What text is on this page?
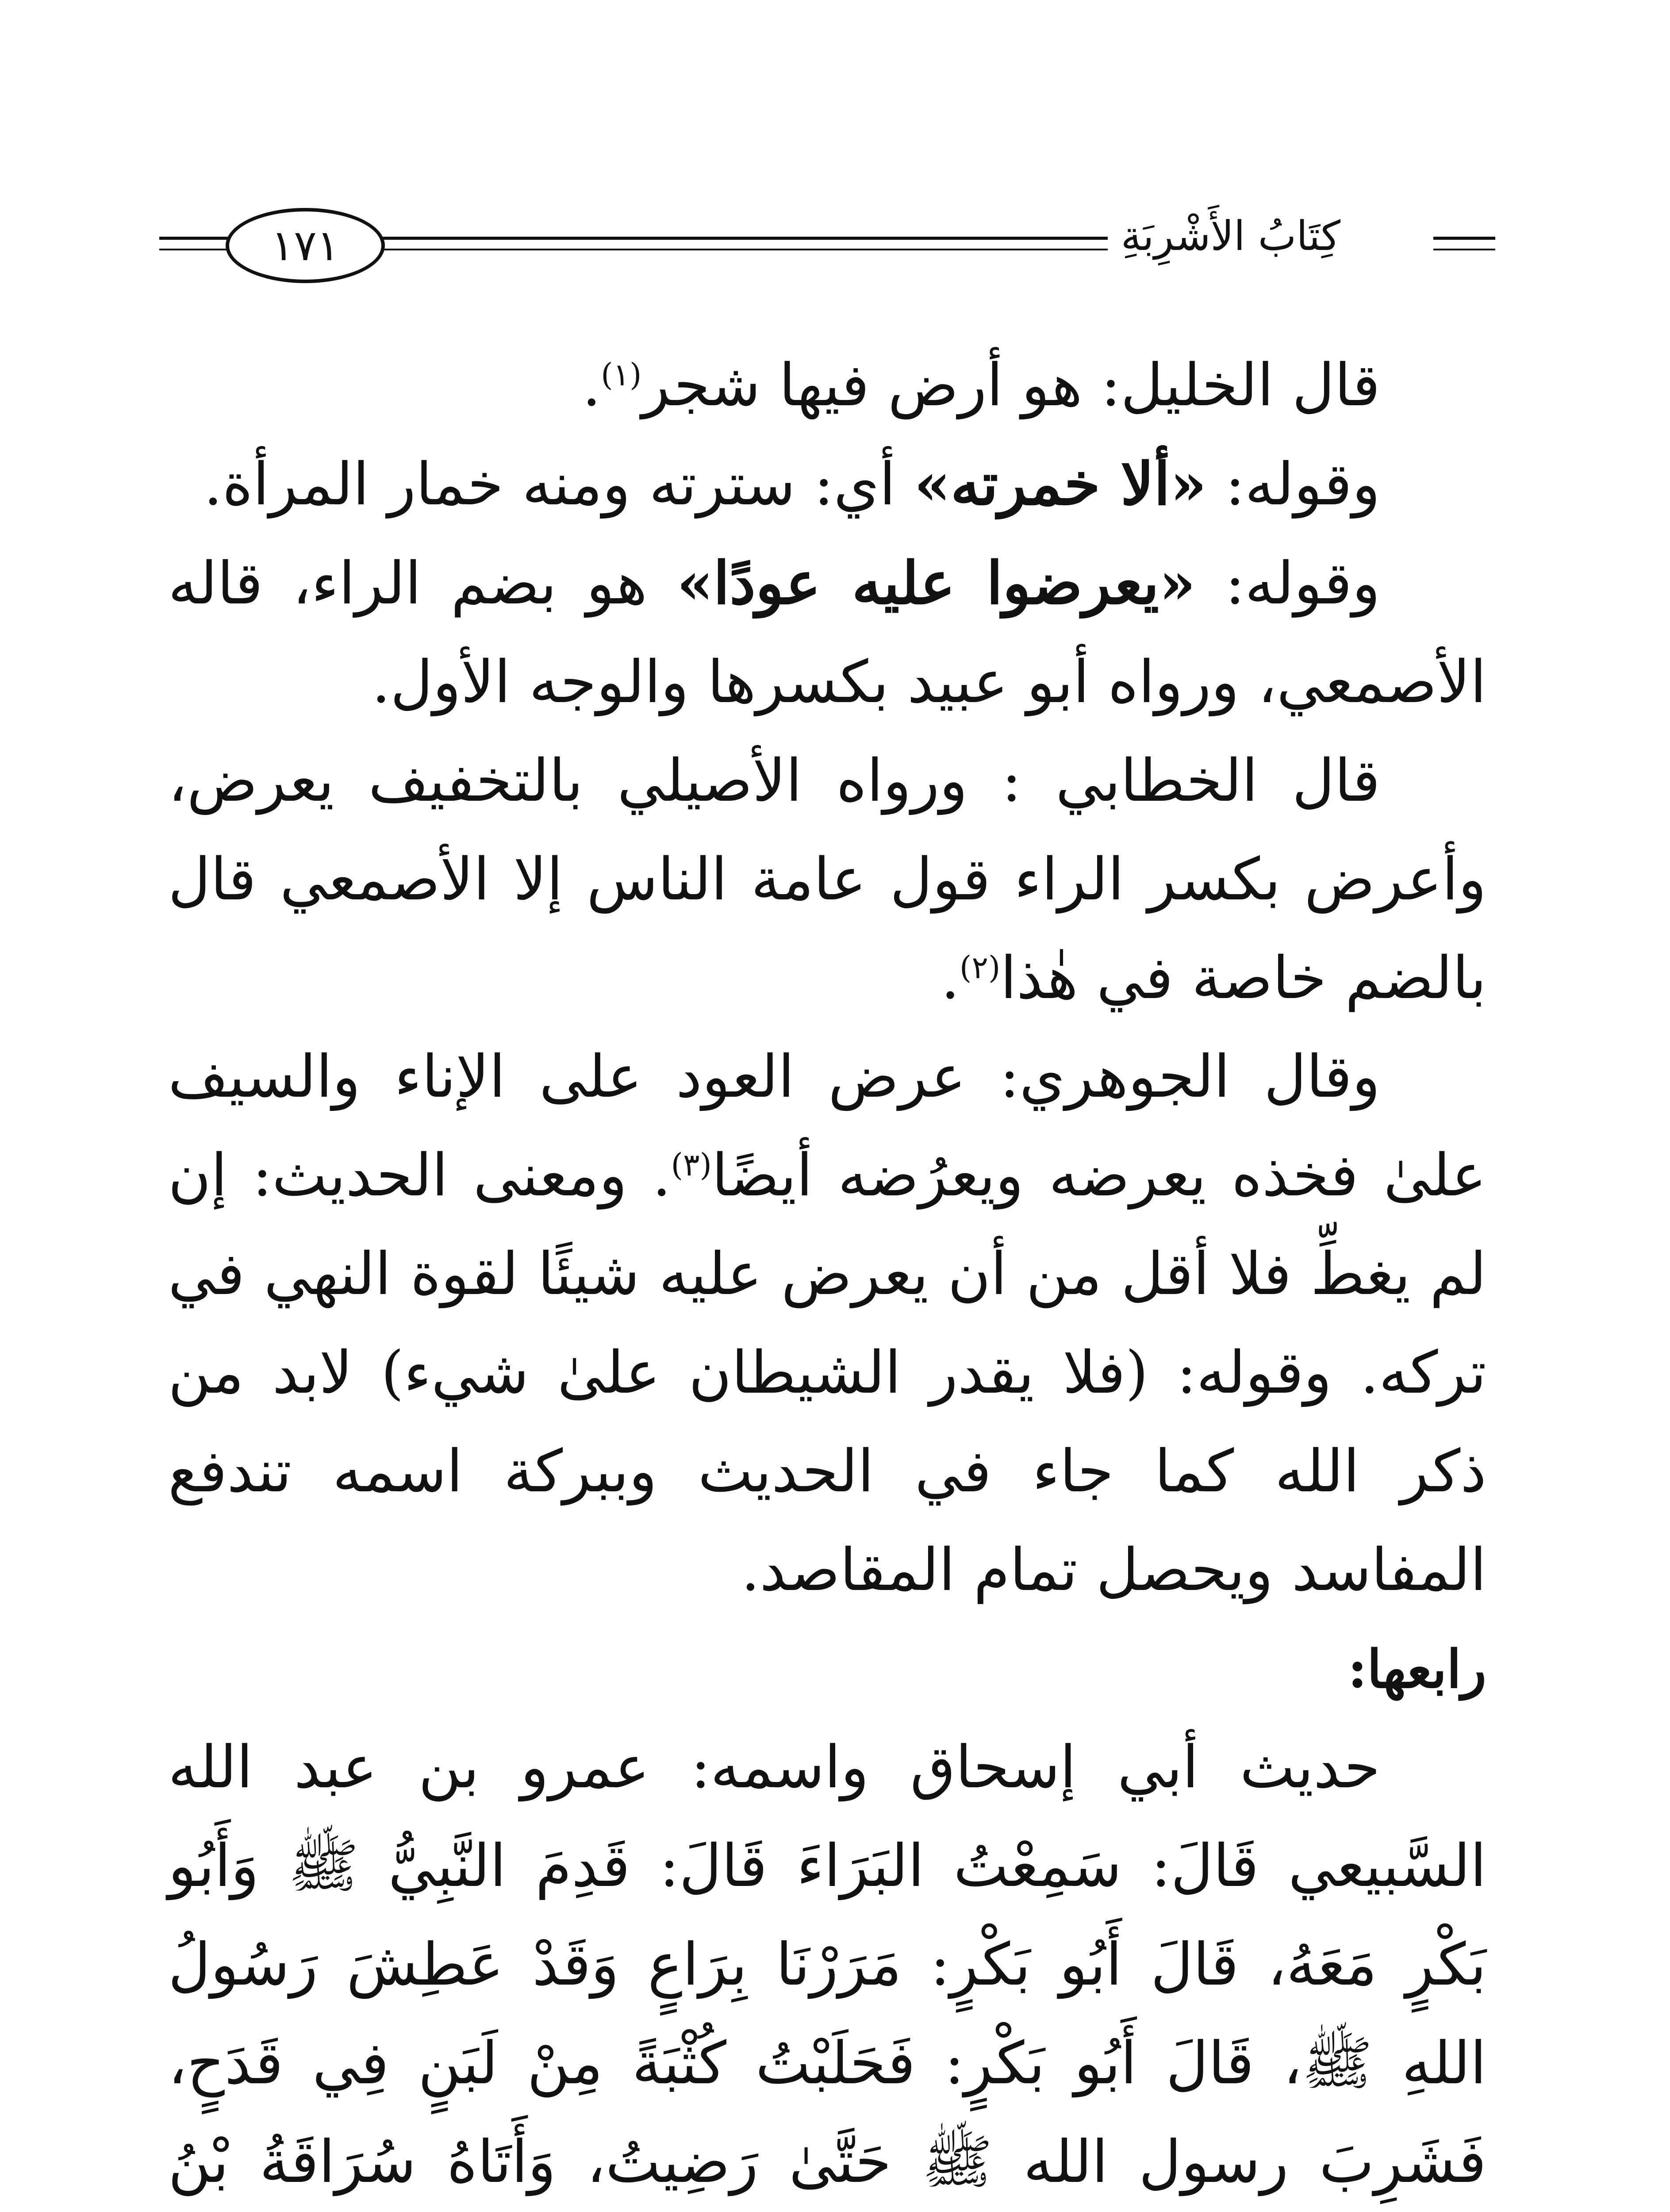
١٧١	كِتَابُ الأَشْرِبَةِ

قال الخليل: هو أرض فيها شجر$^{(١)}$.

وقوله: «ألا خمرته» أي: سترته ومنه خمار المرأة.

وقوله: «يعرضوا عليه عودًا» هو بضم الراء، قاله الأصمعي، ورواه أبو عبيد بكسرها والوجه الأول.

قال الخطابي : ورواه الأصيلي بالتخفيف يعرض، وأعرض بكسر الراء قول عامة الناس إلا الأصمعي قال بالضم خاصة في هٰذا$^{(٢)}$.

وقال الجوهري: عرض العود على الإناء والسيف علىٰ فخذه يعرضه ويعرُضه أيضًا$^{(٣)}$. ومعنى الحديث: إن لم يغطِّ فلا أقل من أن يعرض عليه شيئًا لقوة النهي في تركه. وقوله: (فلا يقدر الشيطان علىٰ شيء) لابد من ذكر الله كما جاء في الحديث وببركة اسمه تندفع المفاسد ويحصل تمام المقاصد.

رابعها:

حديث أبي إسحاق واسمه: عمرو بن عبد الله السَّبيعي قَالَ: سَمِعْتُ البَرَاءَ قَالَ: قَدِمَ النَّبِيُّ ﷺ وَأَبُو بَكْرٍ مَعَهُ، قَالَ أَبُو بَكْرٍ: مَرَرْنَا بِرَاعٍ وَقَدْ عَطِشَ رَسُولُ اللهِ ﷺ، قَالَ أَبُو بَكْرٍ: فَحَلَبْتُ كُثْبَةً مِنْ لَبَنٍ فِي قَدَحٍ، فَشَرِبَ رسول الله ﷺ حَتَّىٰ رَضِيتُ، وَأَتَاهُ سُرَاقَةُ بْنُ
